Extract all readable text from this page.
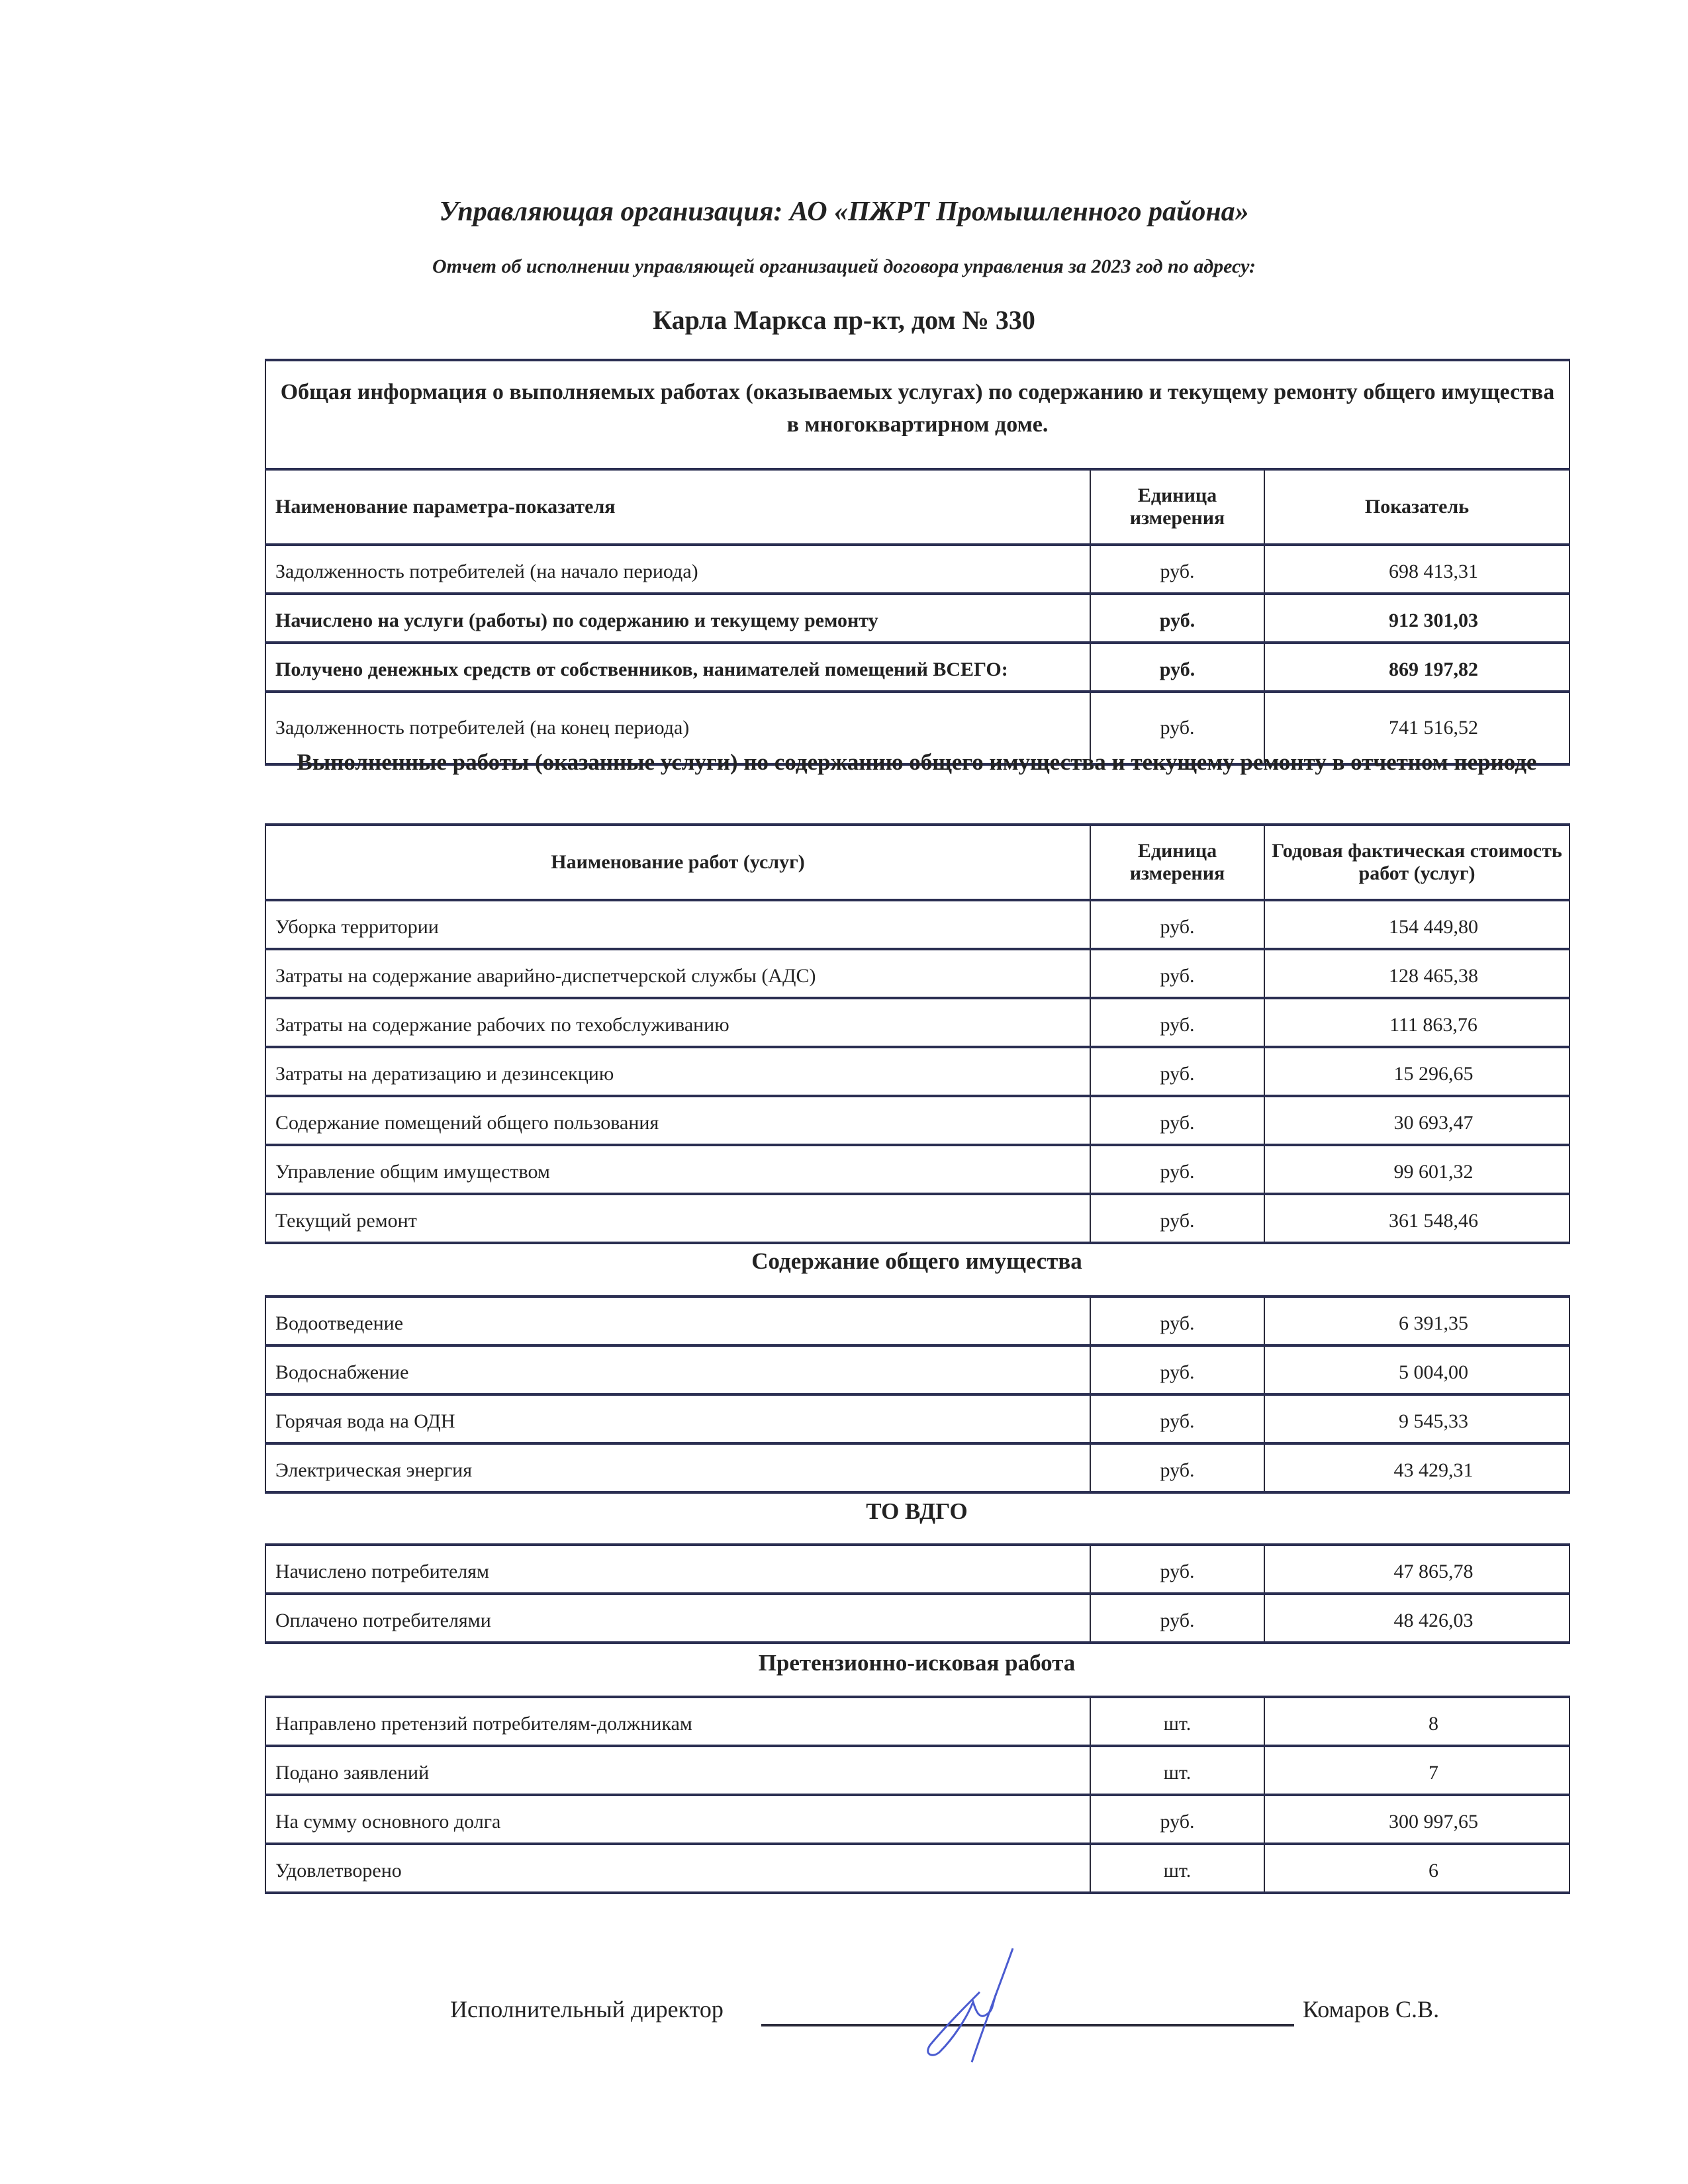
Управляющая организация: АО «ПЖРТ Промышленного района»
Отчет об исполнении управляющей организацией договора управления за 2023 год по адресу:
Карла Маркса пр-кт, дом № 330
Общая информация о выполняемых работах (оказываемых услугах) по содержанию и текущему ремонту общего имущества в многоквартирном доме.		
Наименование параметра-показателя	Единица измерения	Показатель
Задолженность потребителей (на начало периода)	руб.	698 413,31
Начислено на услуги (работы) по содержанию и текущему ремонту	руб.	912 301,03
Получено денежных средств от собственников, нанимателей помещений ВСЕГО:	руб.	869 197,82
Задолженность потребителей (на конец периода)	руб.	741 516,52
Выполненные работы (оказанные услуги) по содержанию общего имущества и текущему ремонту в отчетном периоде
Наименование работ (услуг)	Единица измерения	Годовая фактическая стоимость работ (услуг)
Уборка территории	руб.	154 449,80
Затраты на содержание аварийно-диспетчерской службы (АДС)	руб.	128 465,38
Затраты на содержание рабочих по техобслуживанию	руб.	111 863,76
Затраты на дератизацию и дезинсекцию	руб.	15 296,65
Содержание помещений общего пользования	руб.	30 693,47
Управление общим имуществом	руб.	99 601,32
Текущий ремонт	руб.	361 548,46

Содержание общего имущества
Водоотведение	руб.	6 391,35
Водоснабжение	руб.	5 004,00
Горячая вода на ОДН	руб.	9 545,33
Электрическая энергия	руб.	43 429,31
ТО ВДГО
Начислено потребителям	руб.	47 865,78
Оплачено потребителями	руб.	48 426,03
Претензионно-исковая работа
Направлено претензий потребителям-должникам	шт.	8
Подано заявлений	шт.	7
На сумму основного долга	руб.	300 997,65
Удовлетворено	шт.	6
Исполнительный директор	Комаров С.В.
